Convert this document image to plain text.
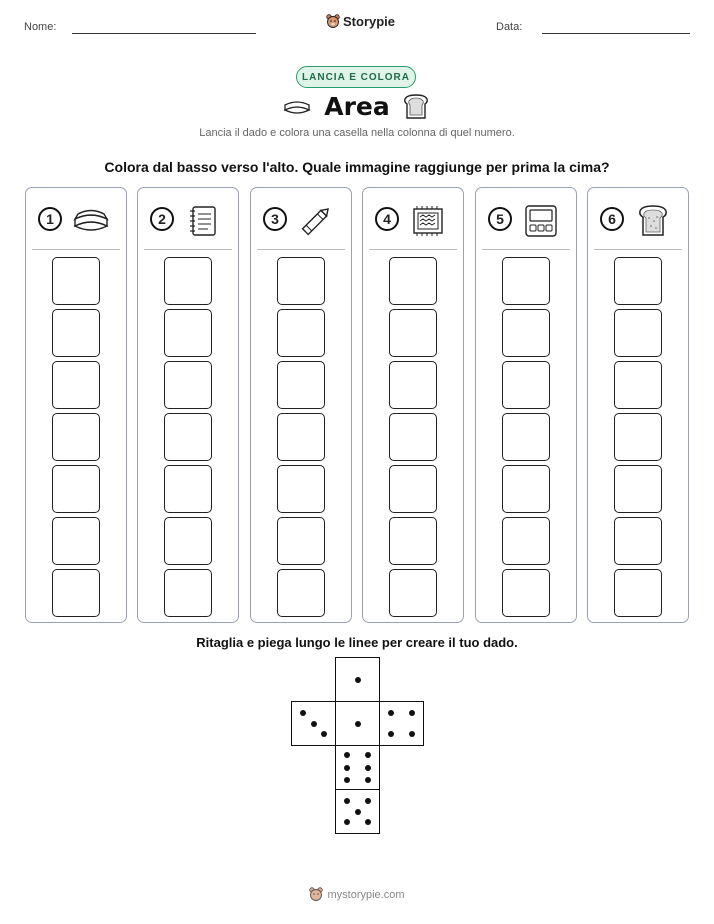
Nome:	Storypie	Data:
LANCIA E COLORA
Area
Lancia il dado e colora una casella nella colonna di quel numero.
Colora dal basso verso l'alto. Quale immagine raggiunge per prima la cima?
1	2	3	4	5	6
Ritaglia e piega lungo le linee per creare il tuo dado.
mystorypie.com
